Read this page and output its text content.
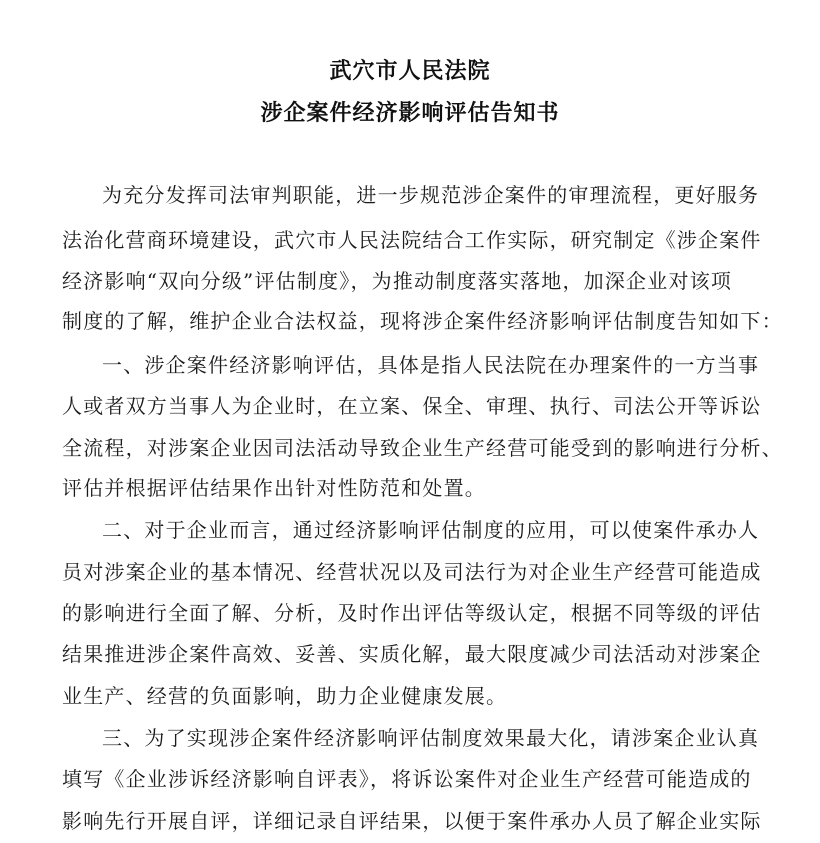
武穴市人民法院
涉企案件经济影响评估告知书
为充分发挥司法审判职能，进一步规范涉企案件的审理流程，更好服务
法治化营商环境建设，武穴市人民法院结合工作实际，研究制定《涉企案件
经济影响“双向分级”评估制度》，为推动制度落实落地，加深企业对该项
制度的了解，维护企业合法权益，现将涉企案件经济影响评估制度告知如下：
一、涉企案件经济影响评估，具体是指人民法院在办理案件的一方当事
人或者双方当事人为企业时，在立案、保全、审理、执行、司法公开等诉讼
全流程，对涉案企业因司法活动导致企业生产经营可能受到的影响进行分析、
评估并根据评估结果作出针对性防范和处置。
二、对于企业而言，通过经济影响评估制度的应用，可以使案件承办人
员对涉案企业的基本情况、经营状况以及司法行为对企业生产经营可能造成
的影响进行全面了解、分析，及时作出评估等级认定，根据不同等级的评估
结果推进涉企案件高效、妥善、实质化解，最大限度减少司法活动对涉案企
业生产、经营的负面影响，助力企业健康发展。
三、为了实现涉企案件经济影响评估制度效果最大化，请涉案企业认真
填写《企业涉诉经济影响自评表》，将诉讼案件对企业生产经营可能造成的
影响先行开展自评，详细记录自评结果，以便于案件承办人员了解企业实际
